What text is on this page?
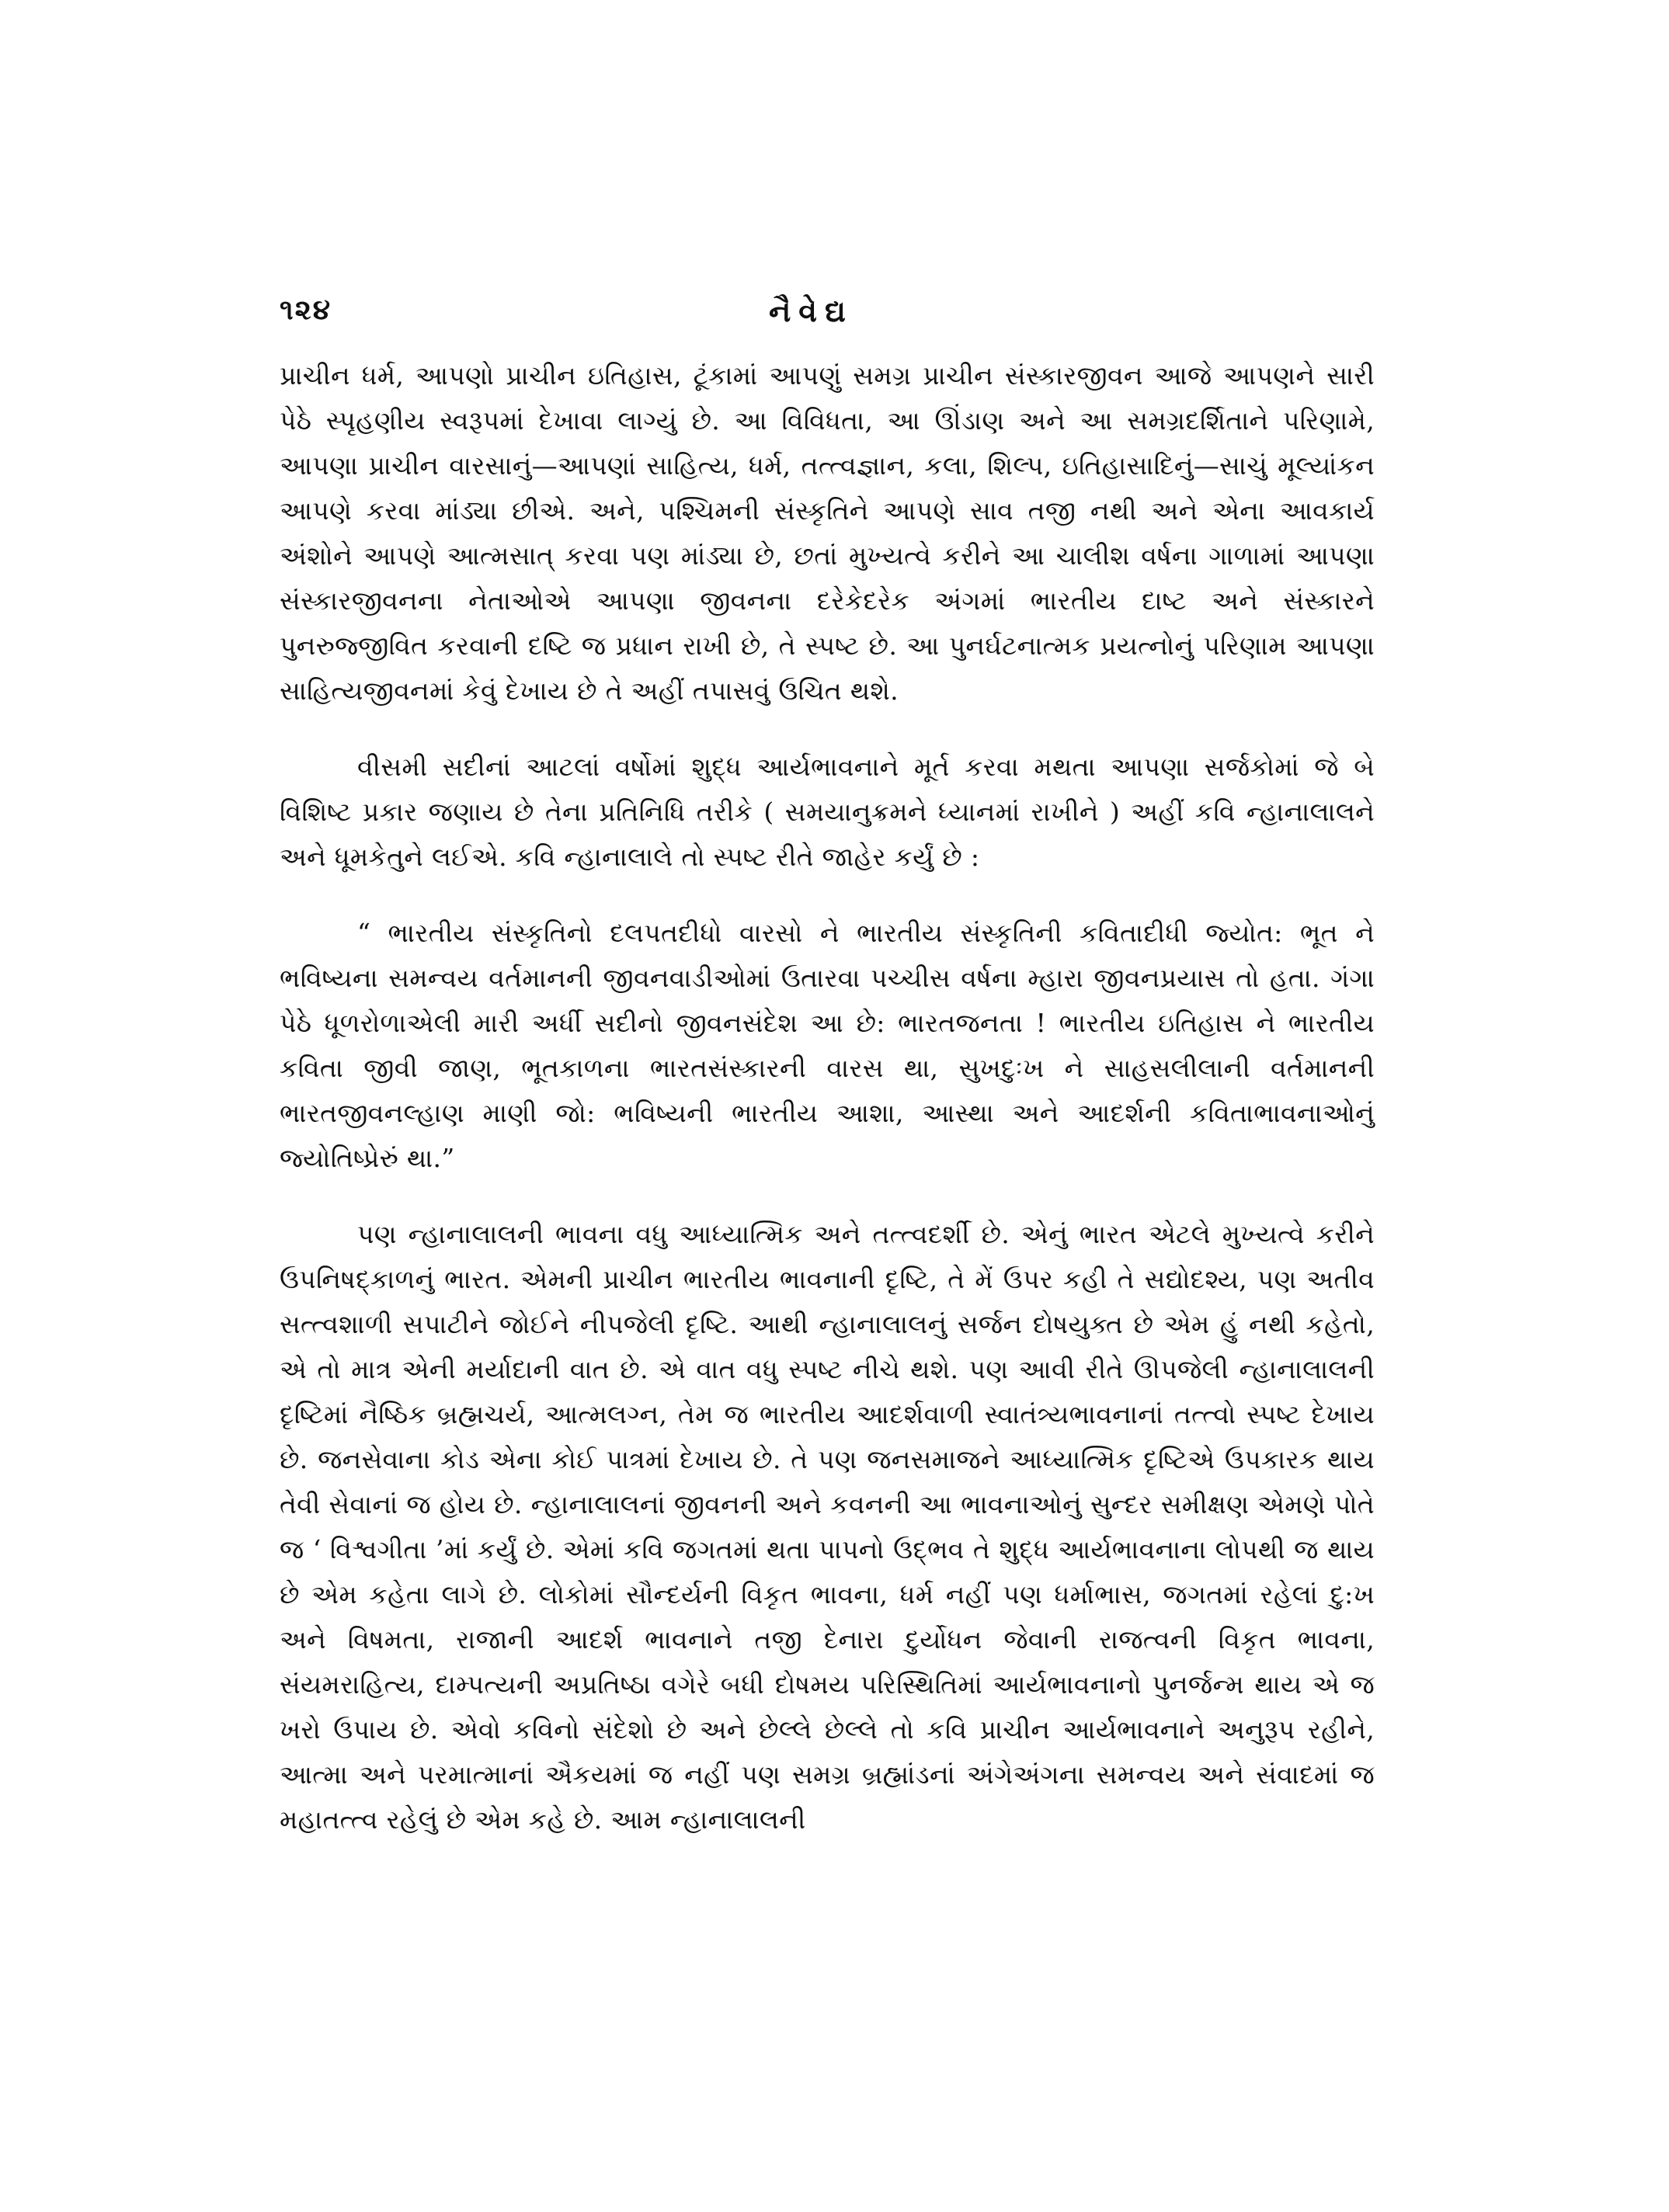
૧૨૪	નૈવેદ્ય

પ્રાચીન ધર્મ, આપણો પ્રાચીન ઇતિહાસ, ટૂંકામાં આપણું સમગ્ર પ્રાચીન સંસ્કારજીવન આજે આપણને સારી પેઠે સ્પૃહણીય સ્વરૂપમાં દેખાવા લાગ્યું છે. આ વિવિધતા, આ ઊંડાણ અને આ સમગ્રદર્શિતાને પરિણામે, આપણા પ્રાચીન વારસાનું—આપણાં સાહિત્ય, ધર્મ, તત્ત્વજ્ઞાન, કલા, શિલ્પ, ઇતિહાસાદિનું—સાચું મૂલ્યાંકન આપણે કરવા માંડ્યા છીએ. અને, પશ્ચિમની સંસ્કૃતિને આપણે સાવ તજી નથી અને એના આવકાર્ય અંશોને આપણે આત્મસાત્ કરવા પણ માંડ્યા છે, છતાં મુખ્યત્વે કરીને આ ચાલીશ વર્ષના ગાળામાં આપણા સંસ્કારજીવનના નેતાઓએ આપણા જીવનના દરેકેદરેક અંગમાં ભારતીય દાષ્ટ અને સંસ્કારને પુનરુજ્જીવિત કરવાની દષ્ટિ જ પ્રધાન રાખી છે, તે સ્પષ્ટ છે. આ પુનર્ઘટનાત્મક પ્રયત્નોનું પરિણામ આપણા સાહિત્યજીવનમાં કેવું દેખાય છે તે અહીં તપાસવું ઉચિત થશે.

વીસમી સદીનાં આટલાં વર્ષોમાં શુદ્ધ આર્યભાવનાને મૂર્ત કરવા મથતા આપણા સર્જકોમાં જે બે વિશિષ્ટ પ્રકાર જણાય છે તેના પ્રતિનિધિ તરીકે ( સમયાનુક્રમને ધ્યાનમાં રાખીને ) અહીં કવિ ન્હાનાલાલને અને ધૂમકેતુને લઈએ. કવિ ન્હાનાલાલે તો સ્પષ્ટ રીતે જાહેર કર્યું છે :

“ ભારતીય સંસ્કૃતિનો દલપતદીધો વારસો ને ભારતીય સંસ્કૃતિની કવિતાદીધી જ્યોત: ભૂત ને ભવિષ્યના સમન્વય વર્તમાનની જીવનવાડીઓમાં ઉતારવા પચ્ચીસ વર્ષના મ્હારા જીવનપ્રયાસ તો હતા. ગંગા પેઠે ધૂળરોળાએલી મારી અર્ધી સદીનો જીવનસંદેશ આ છે: ભારતજનતા ! ભારતીય ઇતિહાસ ને ભારતીય કવિતા જીવી જાણ, ભૂતકાળના ભારતસંસ્કારની વારસ થા, સુખદુઃખ ને સાહસલીલાની વર્તમાનની ભારતજીવનલ્હાણ માણી જો: ભવિષ્યની ભારતીય આશા, આસ્થા અને આદર્શની કવિતાભાવનાઓનું જ્યોતિષ્પ્રેરું થા.”

પણ ન્હાનાલાલની ભાવના વધુ આધ્યાત્મિક અને તત્ત્વદર્શી છે. એનું ભારત એટલે મુખ્યત્વે કરીને ઉપનિષદ્કાળનું ભારત. એમની પ્રાચીન ભારતીય ભાવનાની દૃષ્ટિ, તે મેં ઉપર કહી તે સદ્યોદશ્ય, પણ અતીવ સત્ત્વશાળી સપાટીને જોઈને નીપજેલી દૃષ્ટિ. આથી ન્હાનાલાલનું સર્જન દોષયુક્ત છે એમ હું નથી કહેતો, એ તો માત્ર એની મર્યાદાની વાત છે. એ વાત વધુ સ્પષ્ટ નીચે થશે. પણ આવી રીતે ઊપજેલી ન્હાનાલાલની દૃષ્ટિમાં નૈષ્ઠિક બ્રહ્મચર્ય, આત્મલગ્ન, તેમ જ ભારતીય આદર્શવાળી સ્વાતંત્ર્યભાવનાનાં તત્ત્વો સ્પષ્ટ દેખાય છે. જનસેવાના કોડ એના કોઈ પાત્રમાં દેખાય છે. તે પણ જનસમાજને આધ્યાત્મિક દૃષ્ટિએ ઉપકારક થાય તેવી સેવાનાં જ હોય છે. ન્હાનાલાલનાં જીવનની અને કવનની આ ભાવનાઓનું સુન્દર સમીક્ષણ એમણે પોતે જ ‘ વિશ્વગીતા ’માં કર્યું છે. એમાં કવિ જગતમાં થતા પાપનો ઉદ્ભવ તે શુદ્ધ આર્યભાવનાના લોપથી જ થાય છે એમ કહેતા લાગે છે. લોકોમાં સૌન્દર્યની વિકૃત ભાવના, ધર્મ નહીં પણ ધર્માભાસ, જગતમાં રહેલાં દુ:ખ અને વિષમતા, રાજાની આદર્શ ભાવનાને તજી દેનારા દુર્યોધન જેવાની રાજત્વની વિકૃત ભાવના, સંયમરાહિત્ય, દામ્પત્યની અપ્રતિષ્ઠા વગેરે બધી દોષમય પરિસ્થિતિમાં આર્યભાવનાનો પુનર્જન્મ થાય એ જ ખરો ઉપાય છે. એવો કવિનો સંદેશો છે અને છેલ્લે છેલ્લે તો કવિ પ્રાચીન આર્યભાવનાને અનુરૂપ રહીને, આત્મા અને પરમાત્માનાં ઐકયમાં જ નહીં પણ સમગ્ર બ્રહ્માંડનાં અંગેઅંગના સમન્વય અને સંવાદમાં જ મહાતત્ત્વ રહેલું છે એમ કહે છે. આમ ન્હાનાલાલની
